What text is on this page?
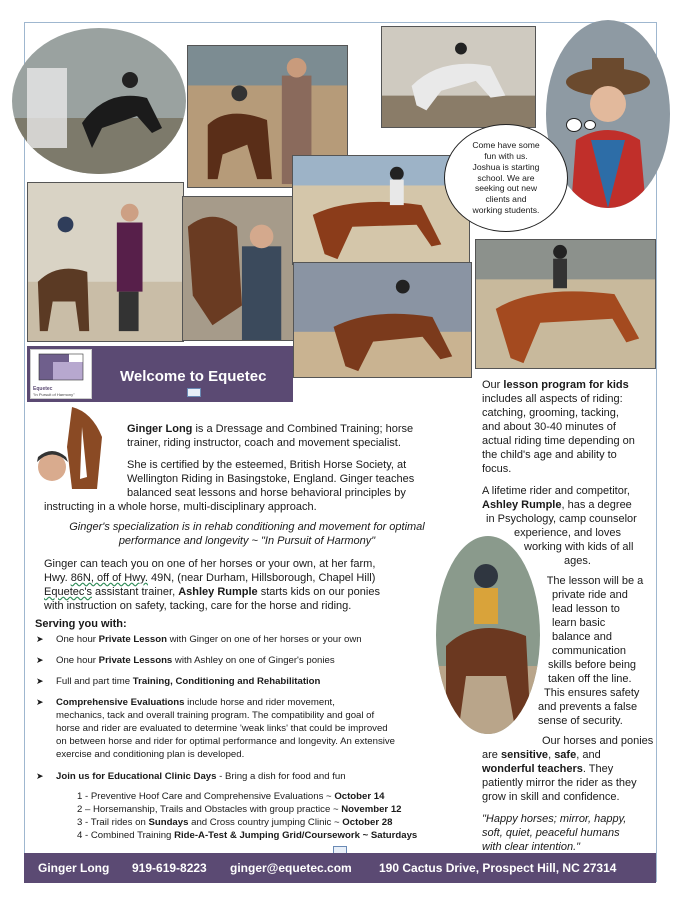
Come have some
fun with us.
Joshua is starting
school. We are
seeking out new
clients and
working students.
Equetec
"In Pursuit of Harmony"
Welcome to Equetec
Ginger Long is a Dressage and Combined Training; horse
trainer, riding instructor, coach and movement specialist.
She is certified by the esteemed, British Horse Society, at
Wellington Riding in Basingstoke, England. Ginger teaches
balanced seat lessons and horse behavioral principles by
instructing in a whole horse, multi-disciplinary approach.
Ginger's specialization is in rehab conditioning and movement for optimal
performance and longevity ~ "In Pursuit of Harmony"
Ginger can teach you on one of her horses or your own, at her farm,
Hwy. 86N, off of Hwy. 49N, (near Durham, Hillsborough, Chapel Hill)
Equetec's assistant trainer, Ashley Rumple starts kids on our ponies
with instruction on safety, tacking, care for the horse and riding.
Serving you with:
➤ One hour Private Lesson with Ginger on one of her horses or your own
➤ One hour Private Lessons with Ashley on one of Ginger's ponies
➤ Full and part time Training, Conditioning and Rehabilitation
➤ Comprehensive Evaluations include horse and rider movement,
mechanics, tack and overall training program. The compatibility and goal of
horse and rider are evaluated to determine 'weak links' that could be improved
on between horse and rider for optimal performance and longevity. An extensive
exercise and conditioning plan is developed.
➤ Join us for Educational Clinic Days - Bring a dish for food and fun
1 - Preventive Hoof Care and Comprehensive Evaluations ~ October 14
2 – Horsemanship, Trails and Obstacles with group practice ~ November 12
3 - Trail rides on Sundays and Cross country jumping Clinic ~ October 28
4 - Combined Training Ride-A-Test & Jumping Grid/Coursework ~ Saturdays
Our lesson program for kids
includes all aspects of riding:
catching, grooming, tacking,
and about 30-40 minutes of
actual riding time depending on
the child's age and ability to
focus.
A lifetime rider and competitor,
Ashley Rumple, has a degree
in Psychology, camp counselor
experience, and loves
working with kids of all
ages.
The lesson will be a
private ride and
lead lesson to
learn basic
balance and
communication
skills before being
taken off the line.
This ensures safety
and prevents a false
sense of security.
Our horses and ponies
are sensitive, safe, and
wonderful teachers. They
patiently mirror the rider as they
grow in skill and confidence.
"Happy horses; mirror, happy,
soft, quiet, peaceful humans
with clear intention."
Ginger Long 919-619-8223 ginger@equetec.com 190 Cactus Drive, Prospect Hill, NC 27314
